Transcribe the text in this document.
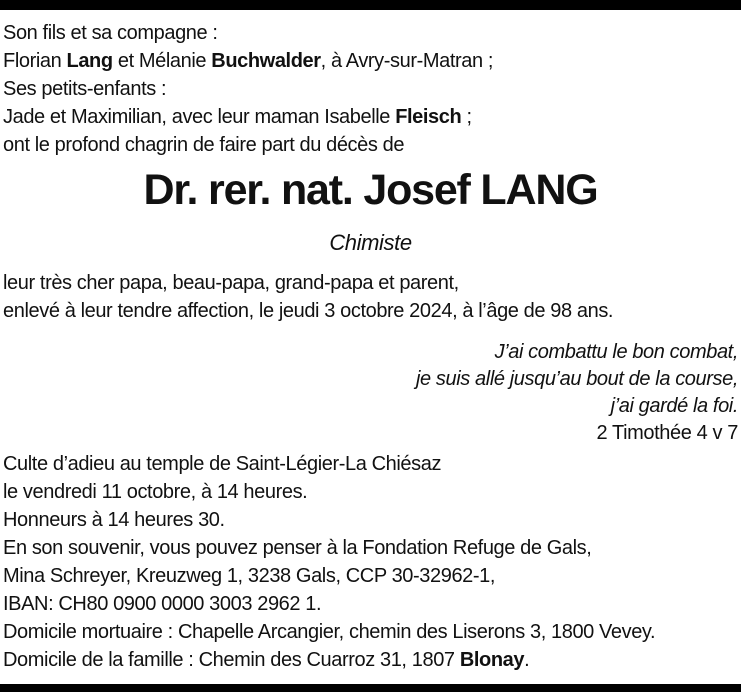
Son fils et sa compagne :
Florian Lang et Mélanie Buchwalder, à Avry-sur-Matran ;
Ses petits-enfants :
Jade et Maximilian, avec leur maman Isabelle Fleisch ;
ont le profond chagrin de faire part du décès de
Dr. rer. nat. Josef LANG
Chimiste
leur très cher papa, beau-papa, grand-papa et parent,
enlevé à leur tendre affection, le jeudi 3 octobre 2024, à l’âge de 98 ans.
J’ai combattu le bon combat,
je suis allé jusqu’au bout de la course,
j’ai gardé la foi.
2 Timothée 4 v 7
Culte d’adieu au temple de Saint-Légier-La Chiésaz
le vendredi 11 octobre, à 14 heures.
Honneurs à 14 heures 30.
En son souvenir, vous pouvez penser à la Fondation Refuge de Gals,
Mina Schreyer, Kreuzweg 1, 3238 Gals, CCP 30-32962-1,
IBAN: CH80 0900 0000 3003 2962 1.
Domicile mortuaire : Chapelle Arcangier, chemin des Liserons 3, 1800 Vevey.
Domicile de la famille : Chemin des Cuarroz 31, 1807 Blonay.
